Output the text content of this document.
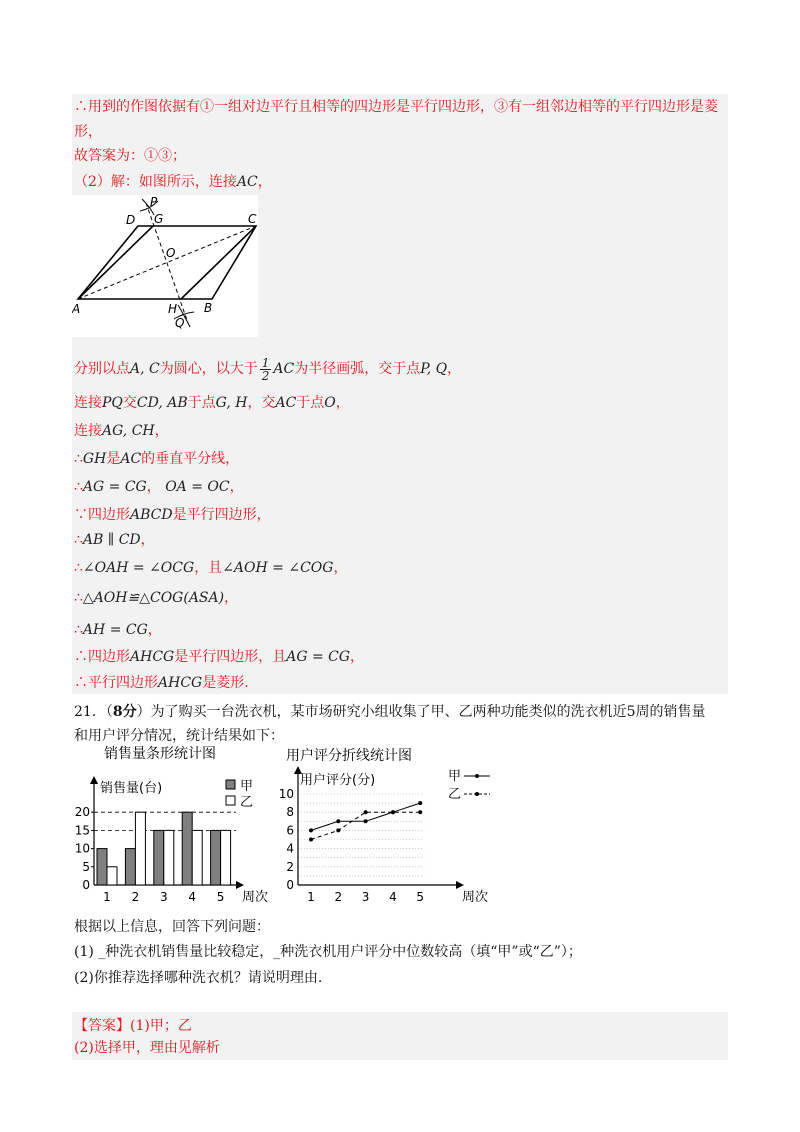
∴用到的作图依据有①一组对边平行且相等的四边形是平行四边形，③有一组邻边相等的平行四边形是菱
形，
故答案为：①③；
（2）解：如图所示，连接AC，
D
P
G	C
O
A	H B
Q
分别以点A, C为圆心，以大于 $\frac{1}{2}$ AC为半径画弧，交于点P, Q，
连接PQ交CD, AB于点G, H，交AC于点O，
连接AG, CH，
∴GH是AC的垂直平分线，
∴AG = CG， OA = OC，
∵四边形ABCD是平行四边形，
∴AB ∥ CD，
∴∠OAH = ∠OCG，且∠AOH = ∠COG，
∴△AOH≌△COG(ASA)，
∴AH = CG，
∴四边形AHCG是平行四边形，且AG = CG，
∴平行四边形AHCG是菱形.
21．（8分）为了购买一台洗衣机，某市场研究小组收集了甲、乙两种功能类似的洗衣机近5周的销售量
和用户评分情况，统计结果如下：
销售量条形统计图
销售量(台)
周次
0
5
10
15
20
1 2 3 4 5
甲
乙
用户评分折线统计图
用户评分(分)
周次
0
2
4
6
8
10
1 2 3 4 5
甲
乙
根据以上信息，回答下列问题：
(1) _种洗衣机销售量比较稳定，_种洗衣机用户评分中位数较高（填“甲”或“乙”）；
(2)你推荐选择哪种洗衣机？请说明理由.
【答案】(1)甲；乙
(2)选择甲，理由见解析
